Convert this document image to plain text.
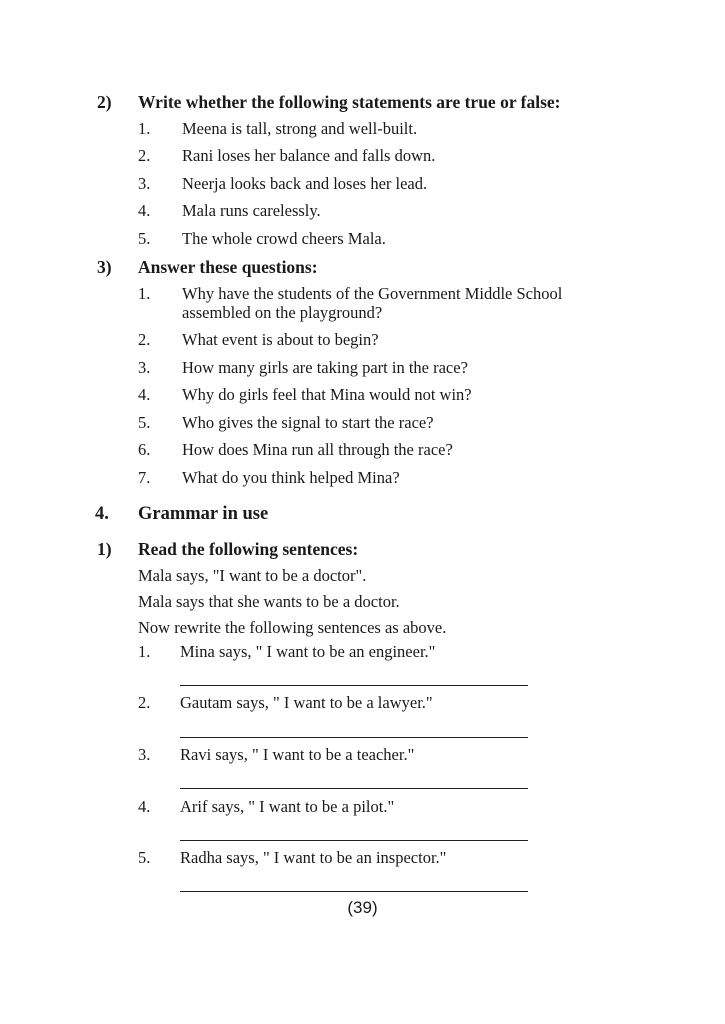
2) Write whether the following statements are true or false:
1. Meena is tall, strong and well-built.
2. Rani loses her balance and falls down.
3. Neerja looks back and loses her lead.
4. Mala runs carelessly.
5. The whole crowd cheers Mala.
3) Answer these questions:
1. Why have the students of the Government Middle School
assembled on the playground?
2. What event is about to begin?
3. How many girls are taking part in the race?
4. Why do girls feel that Mina would not win?
5. Who gives the signal to start the race?
6. How does Mina run all through the race?
7. What do you think helped Mina?
4. Grammar in use
1) Read the following sentences:
Mala says, "I want to be a doctor".
Mala says that she wants to be a doctor.
Now rewrite the following sentences as above.
1. Mina says, " I want to be an engineer."
2. Gautam says, " I want to be a lawyer."
3. Ravi says, " I want to be a teacher."
4. Arif says, " I want to be a pilot."
5. Radha says, " I want to be an inspector."
(39)
